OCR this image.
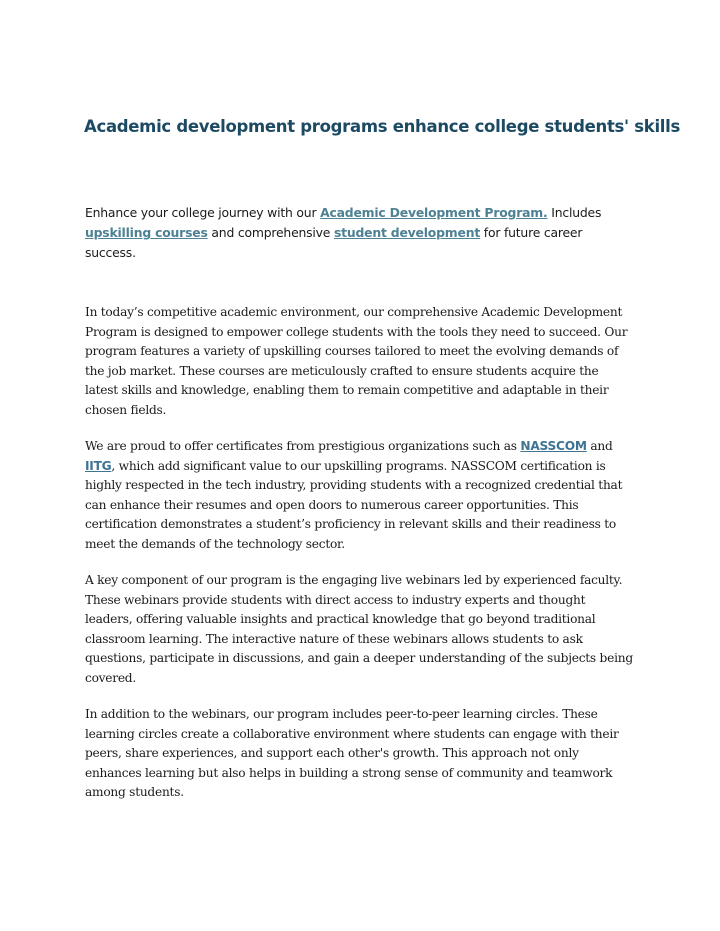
Academic development programs enhance college students' skills

Enhance your college journey with our Academic Development Program. Includes
upskilling courses and comprehensive student development for future career
success.

In today’s competitive academic environment, our comprehensive Academic Development
Program is designed to empower college students with the tools they need to succeed. Our
program features a variety of upskilling courses tailored to meet the evolving demands of
the job market. These courses are meticulously crafted to ensure students acquire the
latest skills and knowledge, enabling them to remain competitive and adaptable in their
chosen fields.

We are proud to offer certificates from prestigious organizations such as NASSCOM and
IITG, which add significant value to our upskilling programs. NASSCOM certification is
highly respected in the tech industry, providing students with a recognized credential that
can enhance their resumes and open doors to numerous career opportunities. This
certification demonstrates a student’s proficiency in relevant skills and their readiness to
meet the demands of the technology sector.

A key component of our program is the engaging live webinars led by experienced faculty.
These webinars provide students with direct access to industry experts and thought
leaders, offering valuable insights and practical knowledge that go beyond traditional
classroom learning. The interactive nature of these webinars allows students to ask
questions, participate in discussions, and gain a deeper understanding of the subjects being
covered.

In addition to the webinars, our program includes peer-to-peer learning circles. These
learning circles create a collaborative environment where students can engage with their
peers, share experiences, and support each other's growth. This approach not only
enhances learning but also helps in building a strong sense of community and teamwork
among students.
